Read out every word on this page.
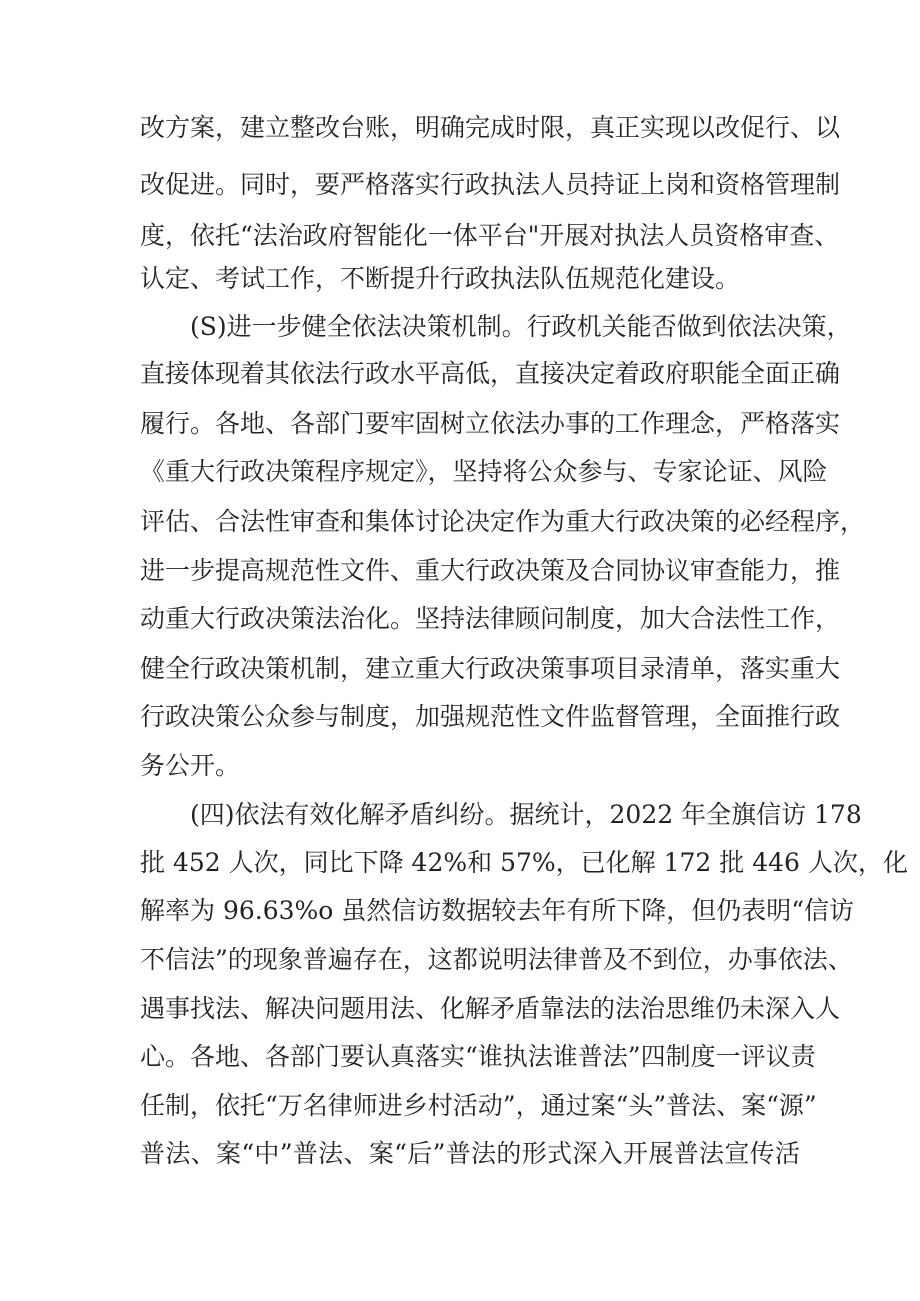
改方案，建立整改台账，明确完成时限，真正实现以改促行、以
改促进。同时，要严格落实行政执法人员持证上岗和资格管理制
度，依托“法治政府智能化一体平台"开展对执法人员资格审查、
认定、考试工作，不断提升行政执法队伍规范化建设。
(S)进一步健全依法决策机制。行政机关能否做到依法决策，
直接体现着其依法行政水平高低，直接决定着政府职能全面正确
履行。各地、各部门要牢固树立依法办事的工作理念，严格落实
《重大行政决策程序规定》，坚持将公众参与、专家论证、风险
评估、合法性审查和集体讨论决定作为重大行政决策的必经程序，
进一步提高规范性文件、重大行政决策及合同协议审查能力，推
动重大行政决策法治化。坚持法律顾问制度，加大合法性工作，
健全行政决策机制，建立重大行政决策事项目录清单，落实重大
行政决策公众参与制度，加强规范性文件监督管理，全面推行政
务公开。
(四)依法有效化解矛盾纠纷。据统计，2022 年全旗信访 178
批 452 人次，同比下降 42%和 57%，已化解 172 批 446 人次，化
解率为 96.63%o 虽然信访数据较去年有所下降，但仍表明“信访
不信法”的现象普遍存在，这都说明法律普及不到位，办事依法、
遇事找法、解决问题用法、化解矛盾靠法的法治思维仍未深入人
心。各地、各部门要认真落实“谁执法谁普法”四制度一评议责
任制，依托“万名律师进乡村活动”，通过案“头”普法、案“源”
普法、案“中”普法、案“后”普法的形式深入开展普法宣传活
